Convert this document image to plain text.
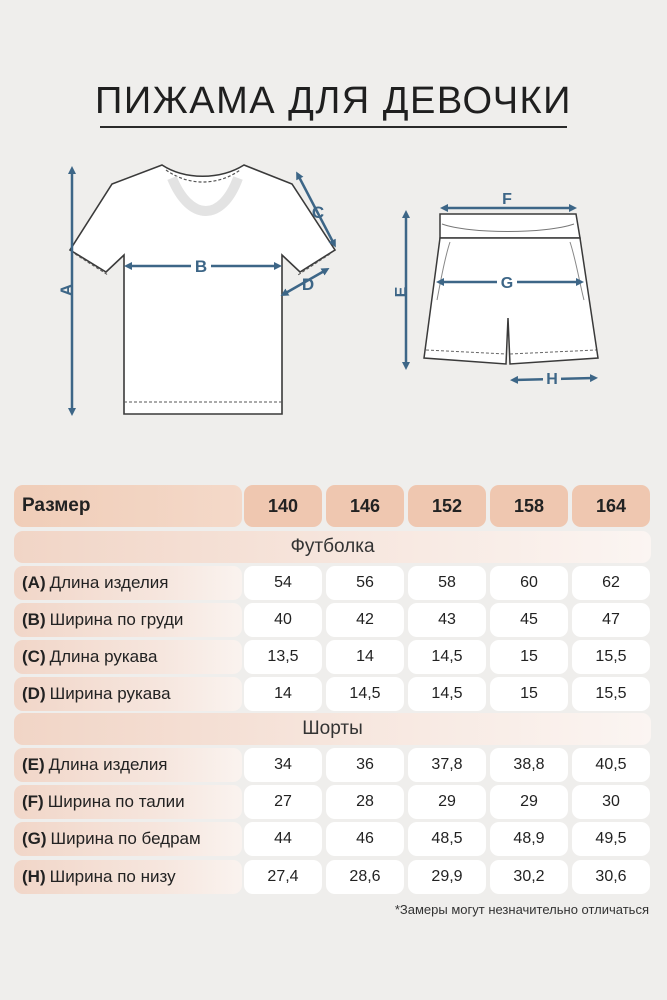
ПИЖАМА ДЛЯ ДЕВОЧКИ
A
B
C
D
F
G
E
H
Размер	140	146	152	158	164
Футболка
(A) Длина изделия	54	56	58	60	62
(B) Ширина по груди	40	42	43	45	47
(C) Длина рукава	13,5	14	14,5	15	15,5
(D) Ширина рукава	14	14,5	14,5	15	15,5
Шорты
(E) Длина изделия	34	36	37,8	38,8	40,5
(F) Ширина по талии	27	28	29	29	30
(G) Ширина по бедрам	44	46	48,5	48,9	49,5
(H) Ширина по низу	27,4	28,6	29,9	30,2	30,6
*Замеры могут незначительно отличаться
